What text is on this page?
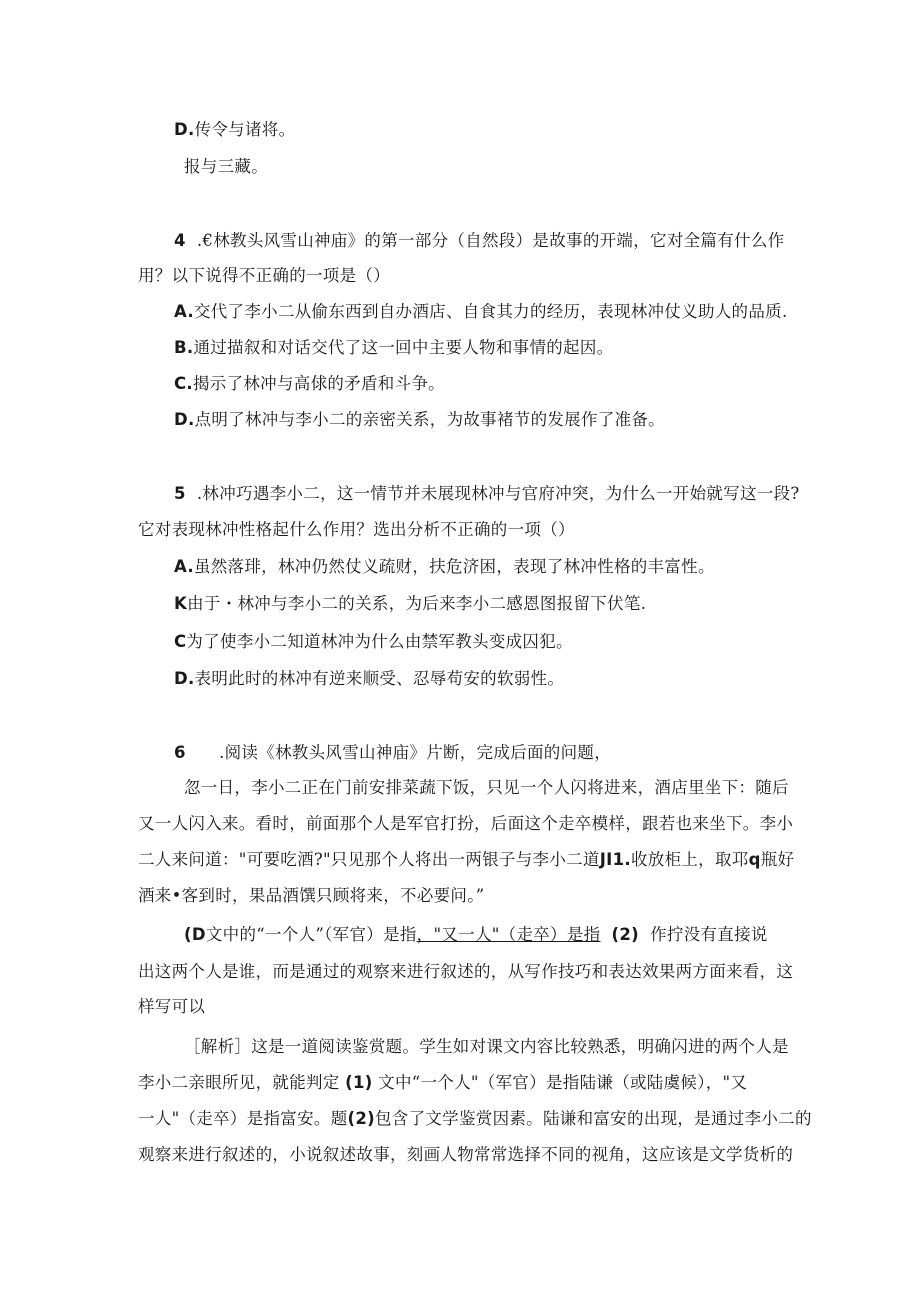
D.传令与诸将。
报与三藏。
4 .€林教头风雪山神庙》的第一部分（自然段）是故事的开端，它对全篇有什么作
用？以下说得不正确的一项是（）
A.交代了李小二从偷东西到自办酒店、自食其力的经历，表现林冲仗义助人的品质.
B.通过描叙和对话交代了这一回中主要人物和事情的起因。
C.揭示了林冲与高俅的矛盾和斗争。
D.点明了林冲与李小二的亲密关系，为故事褚节的发展作了准备。
5 .林冲巧遇李小二，这一情节并未展现林冲与官府冲突，为什么一开始就写这一段?
它对表现林冲性格起什么作用？选出分析不正确的一项（）
A.虽然落琲，林冲仍然仗义疏财，扶危济困，表现了林冲性格的丰富性。
K由于・林冲与李小二的关系，为后来李小二感恩图报留下伏笔.
C为了使李小二知道林冲为什么由禁军教头变成囚犯。
D.表明此时的林冲有逆来顺受、忍辱苟安的软弱性。
6 .阅读《林教头风雪山神庙》片断，完成后面的问题，
忽一日，李小二正在门前安排菜蔬下饭，只见一个人闪将进来，酒店里坐下：随后
又一人闪入来。看时，前面那个人是军官打扮，后面这个走卒模样，跟若也来坐下。李小
二人来问道："可要吃酒?"只见那个人将出一两银子与李小二道JI1.收放柜上，取邛q瓶好
酒来•客到时，果品酒馔只顾将来，不必要问。”
(D文中的“一个人”（军官）是指，"又一人"（走卒）是指 (2) 作拧没有直接说
出这两个人是谁，而是通过的观察来进行叙述的，从写作技巧和表达效果两方面来看，这
样写可以
［解析］这是一道阅读鉴赏题。学生如对课文内容比较熟悉，明确闪进的两个人是
李小二亲眼所见，就能判定 (1) 文中“一个人"（军官）是指陆谦（或陆虞候），"又
一人"（走卒）是指富安。题(2)包含了文学鉴赏因素。陆谦和富安的出现，是通过李小二的
观察来进行叙述的，小说叙述故事，刻画人物常常选择不同的视角，这应该是文学货析的
